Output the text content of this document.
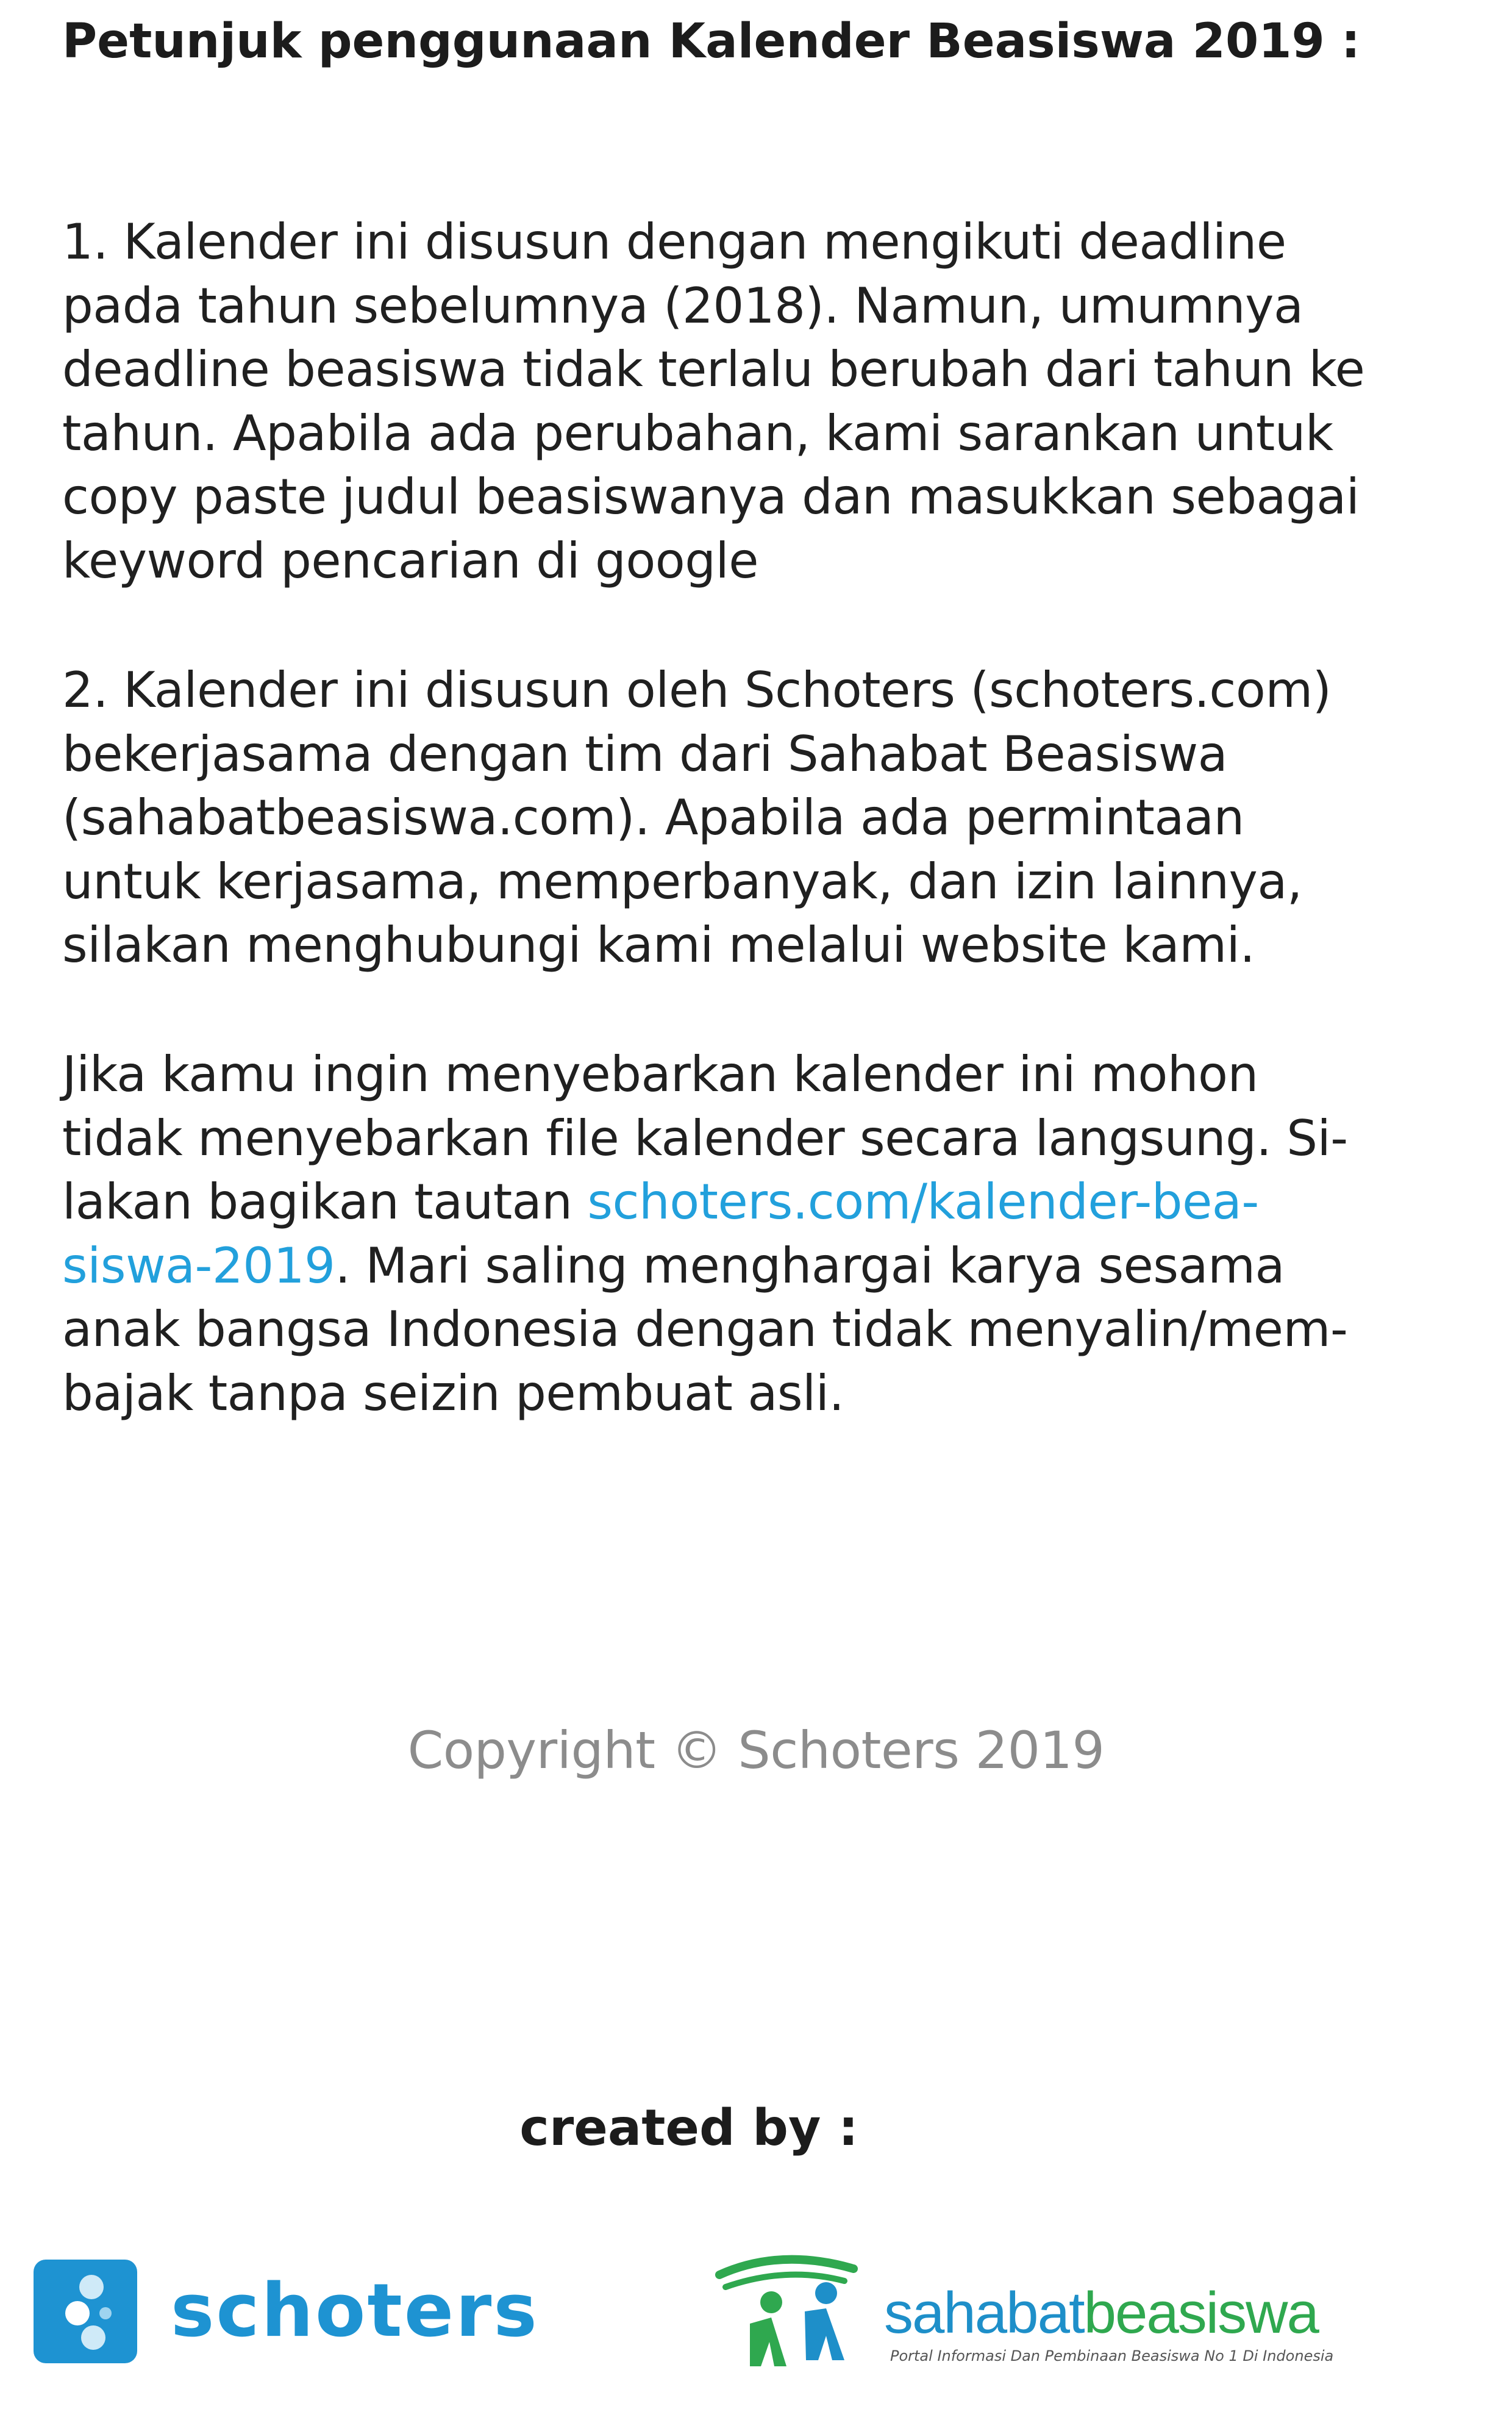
Petunjuk penggunaan Kalender Beasiswa 2019 :
1. Kalender ini disusun dengan mengikuti deadline
pada tahun sebelumnya (2018). Namun, umumnya
deadline beasiswa tidak terlalu berubah dari tahun ke
tahun. Apabila ada perubahan, kami sarankan untuk
copy paste judul beasiswanya dan masukkan sebagai
keyword pencarian di google
2. Kalender ini disusun oleh Schoters (schoters.com)
bekerjasama dengan tim dari Sahabat Beasiswa
(sahabatbeasiswa.com). Apabila ada permintaan
untuk kerjasama, memperbanyak, dan izin lainnya,
silakan menghubungi kami melalui website kami.
Jika kamu ingin menyebarkan kalender ini mohon
tidak menyebarkan file kalender secara langsung. Si-
lakan bagikan tautan schoters.com/kalender-bea-
siswa-2019. Mari saling menghargai karya sesama
anak bangsa Indonesia dengan tidak menyalin/mem-
bajak tanpa seizin pembuat asli.
Copyright © Schoters 2019
created by :
schoters	sahabatbeasiswa
Portal Informasi Dan Pembinaan Beasiswa No 1 Di Indonesia
